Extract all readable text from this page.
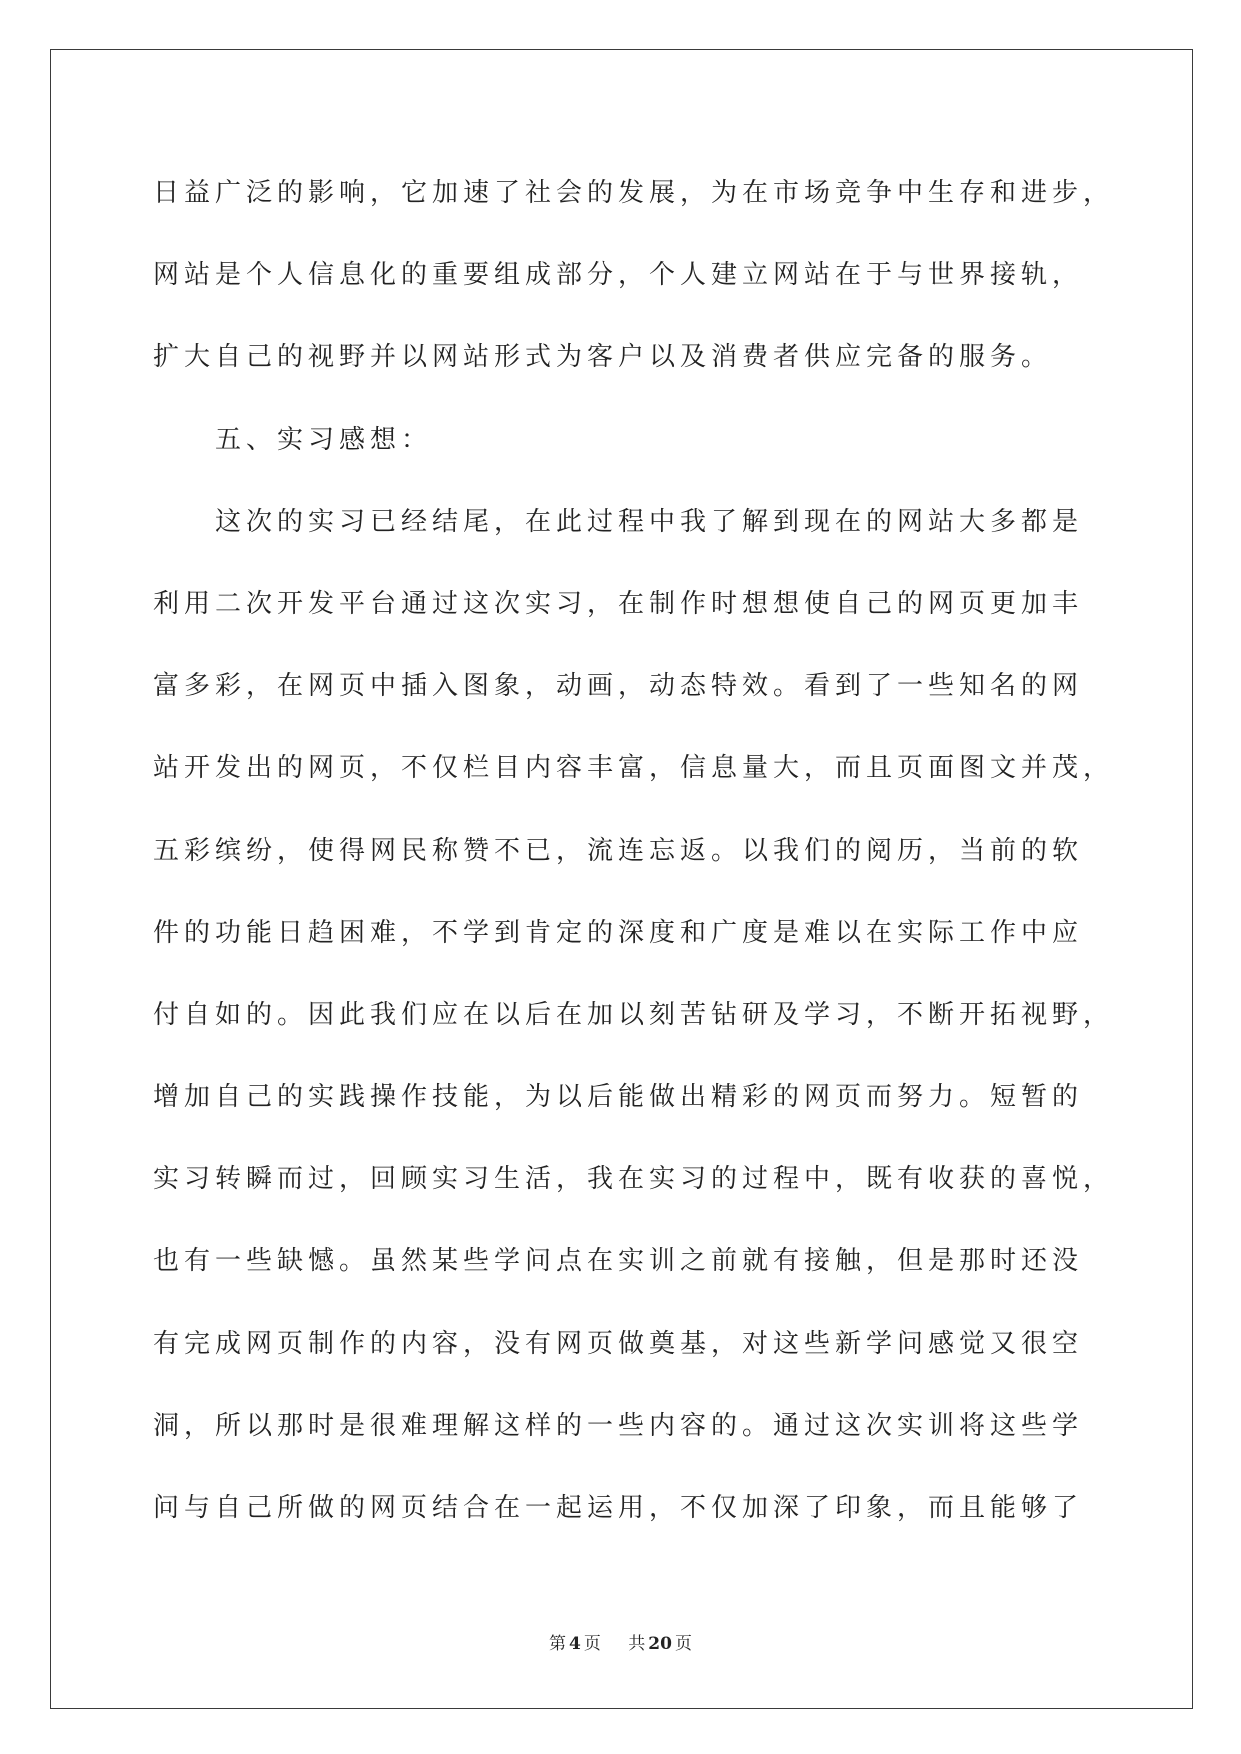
日益广泛的影响，它加速了社会的发展，为在市场竞争中生存和进步，
网站是个人信息化的重要组成部分，个人建立网站在于与世界接轨，
扩大自己的视野并以网站形式为客户以及消费者供应完备的服务。
五、实习感想：
这次的实习已经结尾，在此过程中我了解到现在的网站大多都是
利用二次开发平台通过这次实习，在制作时想想使自己的网页更加丰
富多彩，在网页中插入图象，动画，动态特效。看到了一些知名的网
站开发出的网页，不仅栏目内容丰富，信息量大，而且页面图文并茂，
五彩缤纷，使得网民称赞不已，流连忘返。以我们的阅历，当前的软
件的功能日趋困难，不学到肯定的深度和广度是难以在实际工作中应
付自如的。因此我们应在以后在加以刻苦钻研及学习，不断开拓视野，
增加自己的实践操作技能，为以后能做出精彩的网页而努力。短暂的
实习转瞬而过，回顾实习生活，我在实习的过程中，既有收获的喜悦，
也有一些缺憾。虽然某些学问点在实训之前就有接触，但是那时还没
有完成网页制作的内容，没有网页做奠基，对这些新学问感觉又很空
洞，所以那时是很难理解这样的一些内容的。通过这次实训将这些学
问与自己所做的网页结合在一起运用，不仅加深了印象，而且能够了
第 4 页 共 20 页
